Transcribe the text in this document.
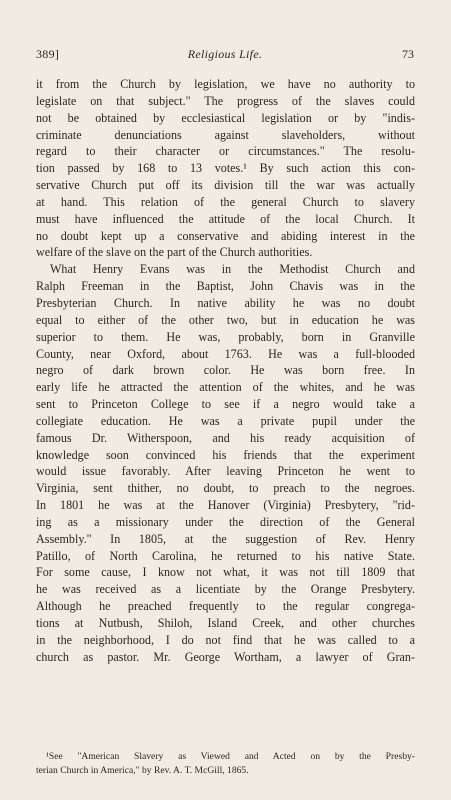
389]	Religious Life.	73
it from the Church by legislation, we have no authority to
legislate on that subject." The progress of the slaves could
not be obtained by ecclesiastical legislation or by "indis-
criminate denunciations against slaveholders, without
regard to their character or circumstances." The resolu-
tion passed by 168 to 13 votes.¹ By such action this con-
servative Church put off its division till the war was actually
at hand. This relation of the general Church to slavery
must have influenced the attitude of the local Church. It
no doubt kept up a conservative and abiding interest in the
welfare of the slave on the part of the Church authorities.
What Henry Evans was in the Methodist Church and
Ralph Freeman in the Baptist, John Chavis was in the
Presbyterian Church. In native ability he was no doubt
equal to either of the other two, but in education he was
superior to them. He was, probably, born in Granville
County, near Oxford, about 1763. He was a full-blooded
negro of dark brown color. He was born free. In
early life he attracted the attention of the whites, and he was
sent to Princeton College to see if a negro would take a
collegiate education. He was a private pupil under the
famous Dr. Witherspoon, and his ready acquisition of
knowledge soon convinced his friends that the experiment
would issue favorably. After leaving Princeton he went to
Virginia, sent thither, no doubt, to preach to the negroes.
In 1801 he was at the Hanover (Virginia) Presbytery, "rid-
ing as a missionary under the direction of the General
Assembly." In 1805, at the suggestion of Rev. Henry
Patillo, of North Carolina, he returned to his native State.
For some cause, I know not what, it was not till 1809 that
he was received as a licentiate by the Orange Presbytery.
Although he preached frequently to the regular congrega-
tions at Nutbush, Shiloh, Island Creek, and other churches
in the neighborhood, I do not find that he was called to a
church as pastor. Mr. George Wortham, a lawyer of Gran-
¹See "American Slavery as Viewed and Acted on by the Presby-
terian Church in America," by Rev. A. T. McGill, 1865.
